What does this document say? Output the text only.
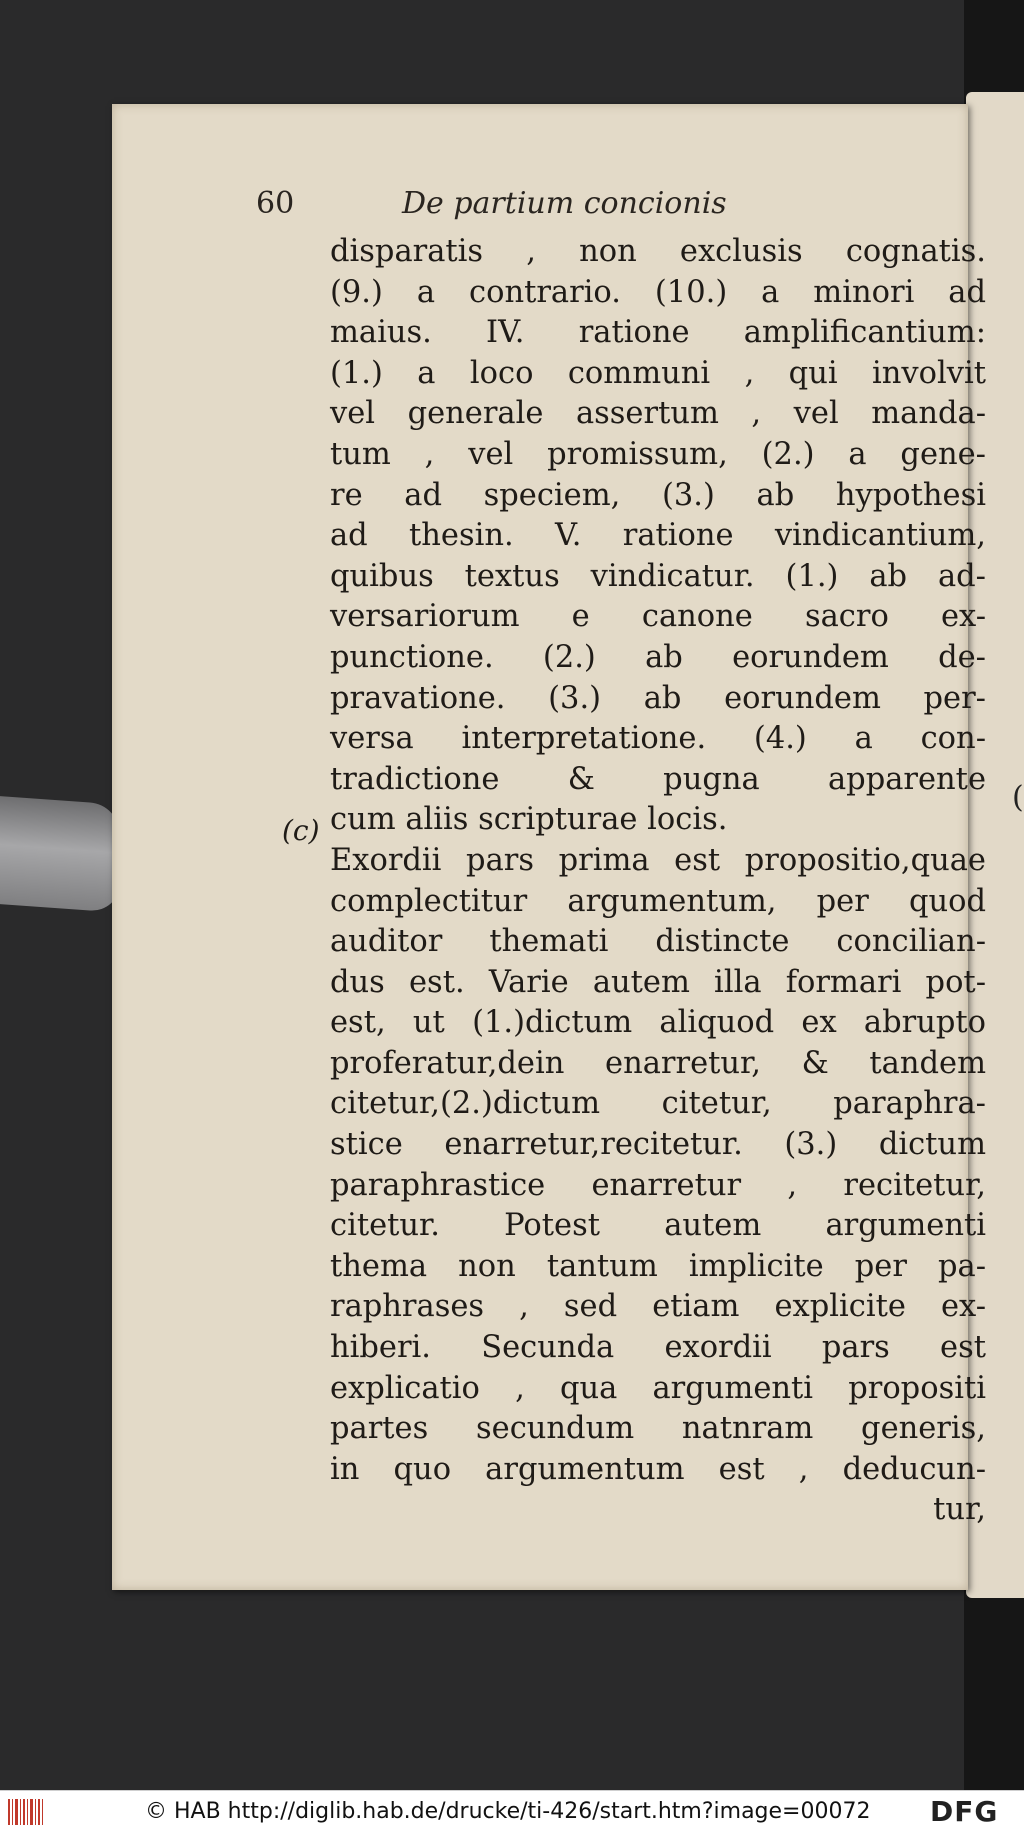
60	De partium concionis
(c)
disparatis , non exclusis cognatis.
(9.) a contrario. (10.) a minori ad
maius. IV. ratione amplificantium:
(1.) a loco communi , qui involvit
vel generale assertum , vel manda-
tum , vel promissum, (2.) a gene-
re ad speciem, (3.) ab hypothesi
ad thesin. V. ratione vindicantium,
quibus textus vindicatur. (1.) ab ad-
versariorum e canone sacro ex-
punctione. (2.) ab eorundem de-
pravatione. (3.) ab eorundem per-
versa interpretatione. (4.) a con-
tradictione & pugna apparente
cum aliis scripturae locis.
Exordii pars prima est propositio,quae
complectitur argumentum, per quod
auditor themati distincte concilian-
dus est. Varie autem illa formari pot-
est, ut (1.)dictum aliquod ex abrupto
proferatur,dein enarretur, & tandem
citetur,(2.)dictum citetur, paraphra-
stice enarretur,recitetur. (3.) dictum
paraphrastice enarretur , recitetur,
citetur. Potest autem argumenti
thema non tantum implicite per pa-
raphrases , sed etiam explicite ex-
hiberi. Secunda exordii pars est
explicatio , qua argumenti propositi
partes secundum natnram generis,
in quo argumentum est , deducun-
tur,
(
© HAB http://diglib.hab.de/drucke/ti-426/start.htm?image=00072 DFG
